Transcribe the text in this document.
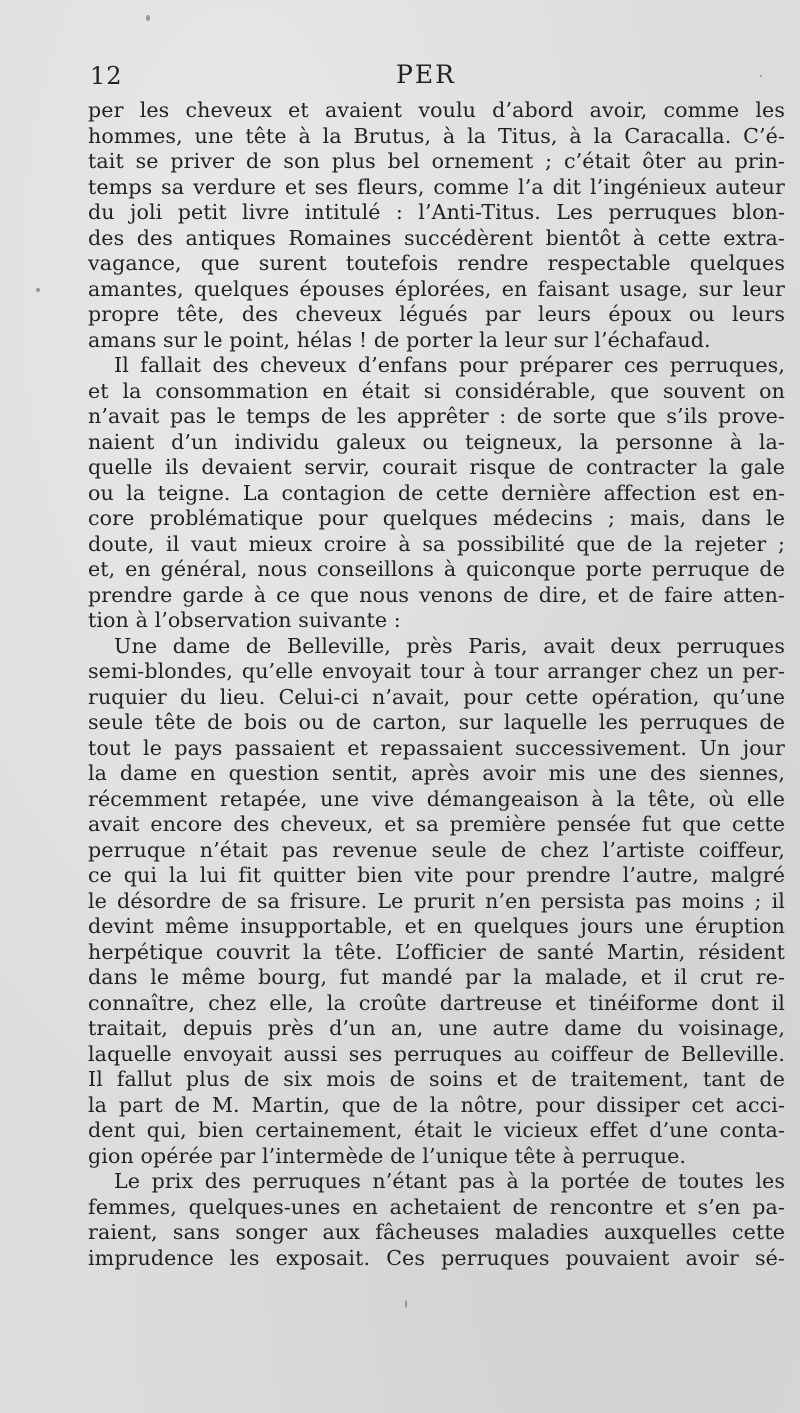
12	PER
per les cheveux et avaient voulu d’abord avoir, comme les
hommes, une tête à la Brutus, à la Titus, à la Caracalla. C’é-
tait se priver de son plus bel ornement ; c’était ôter au prin-
temps sa verdure et ses fleurs, comme l’a dit l’ingénieux auteur
du joli petit livre intitulé : l’Anti-Titus. Les perruques blon-
des des antiques Romaines succédèrent bientôt à cette extra-
vagance, que surent toutefois rendre respectable quelques
amantes, quelques épouses éplorées, en faisant usage, sur leur
propre tête, des cheveux légués par leurs époux ou leurs
amans sur le point, hélas ! de porter la leur sur l’échafaud.
Il fallait des cheveux d’enfans pour préparer ces perruques,
et la consommation en était si considérable, que souvent on
n’avait pas le temps de les apprêter : de sorte que s’ils prove-
naient d’un individu galeux ou teigneux, la personne à la-
quelle ils devaient servir, courait risque de contracter la gale
ou la teigne. La contagion de cette dernière affection est en-
core problématique pour quelques médecins ; mais, dans le
doute, il vaut mieux croire à sa possibilité que de la rejeter ;
et, en général, nous conseillons à quiconque porte perruque de
prendre garde à ce que nous venons de dire, et de faire atten-
tion à l’observation suivante :
Une dame de Belleville, près Paris, avait deux perruques
semi-blondes, qu’elle envoyait tour à tour arranger chez un per-
ruquier du lieu. Celui-ci n’avait, pour cette opération, qu’une
seule tête de bois ou de carton, sur laquelle les perruques de
tout le pays passaient et repassaient successivement. Un jour
la dame en question sentit, après avoir mis une des siennes,
récemment retapée, une vive démangeaison à la tête, où elle
avait encore des cheveux, et sa première pensée fut que cette
perruque n’était pas revenue seule de chez l’artiste coiffeur,
ce qui la lui fit quitter bien vite pour prendre l’autre, malgré
le désordre de sa frisure. Le prurit n’en persista pas moins ; il
devint même insupportable, et en quelques jours une éruption
herpétique couvrit la tête. L’officier de santé Martin, résident
dans le même bourg, fut mandé par la malade, et il crut re-
connaître, chez elle, la croûte dartreuse et tinéiforme dont il
traitait, depuis près d’un an, une autre dame du voisinage,
laquelle envoyait aussi ses perruques au coiffeur de Belleville.
Il fallut plus de six mois de soins et de traitement, tant de
la part de M. Martin, que de la nôtre, pour dissiper cet acci-
dent qui, bien certainement, était le vicieux effet d’une conta-
gion opérée par l’intermède de l’unique tête à perruque.
Le prix des perruques n’étant pas à la portée de toutes les
femmes, quelques-unes en achetaient de rencontre et s’en pa-
raient, sans songer aux fâcheuses maladies auxquelles cette
imprudence les exposait. Ces perruques pouvaient avoir sé-
